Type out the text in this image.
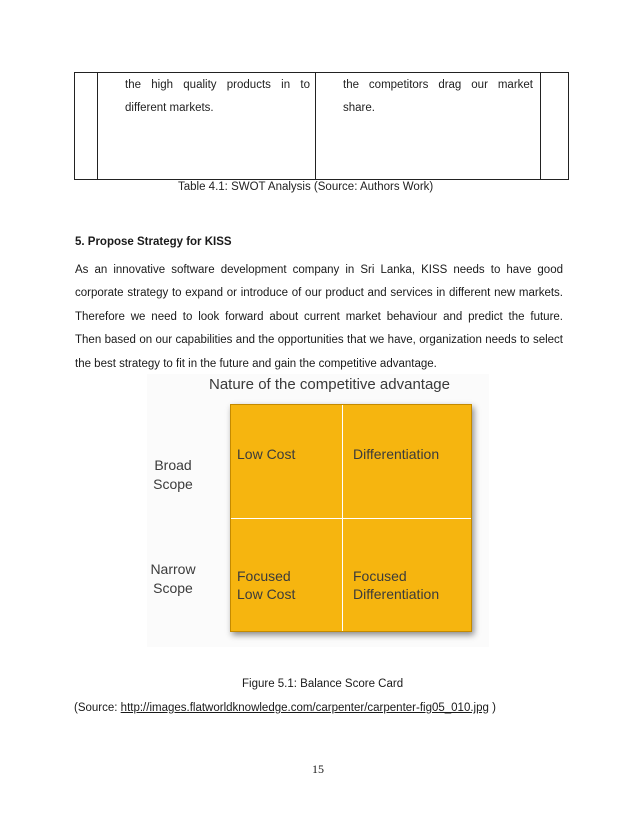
the high quality products in to
different markets.
the competitors drag our market
share.
Table 4.1: SWOT Analysis (Source: Authors Work)
5. Propose Strategy for KISS
As an innovative software development company in Sri Lanka, KISS needs to have good
corporate strategy to expand or introduce of our product and services in different new markets.
Therefore we need to look forward about current market behaviour and predict the future.
Then based on our capabilities and the opportunities that we have, organization needs to select
the best strategy to fit in the future and gain the competitive advantage.
Nature of the competitive advantage
Broad
Scope
Narrow
Scope
Low Cost	Differentiation
Focused
Low Cost
Focused
Differentiation
Figure 5.1: Balance Score Card
(Source: http://images.flatworldknowledge.com/carpenter/carpenter-fig05_010.jpg )
15
